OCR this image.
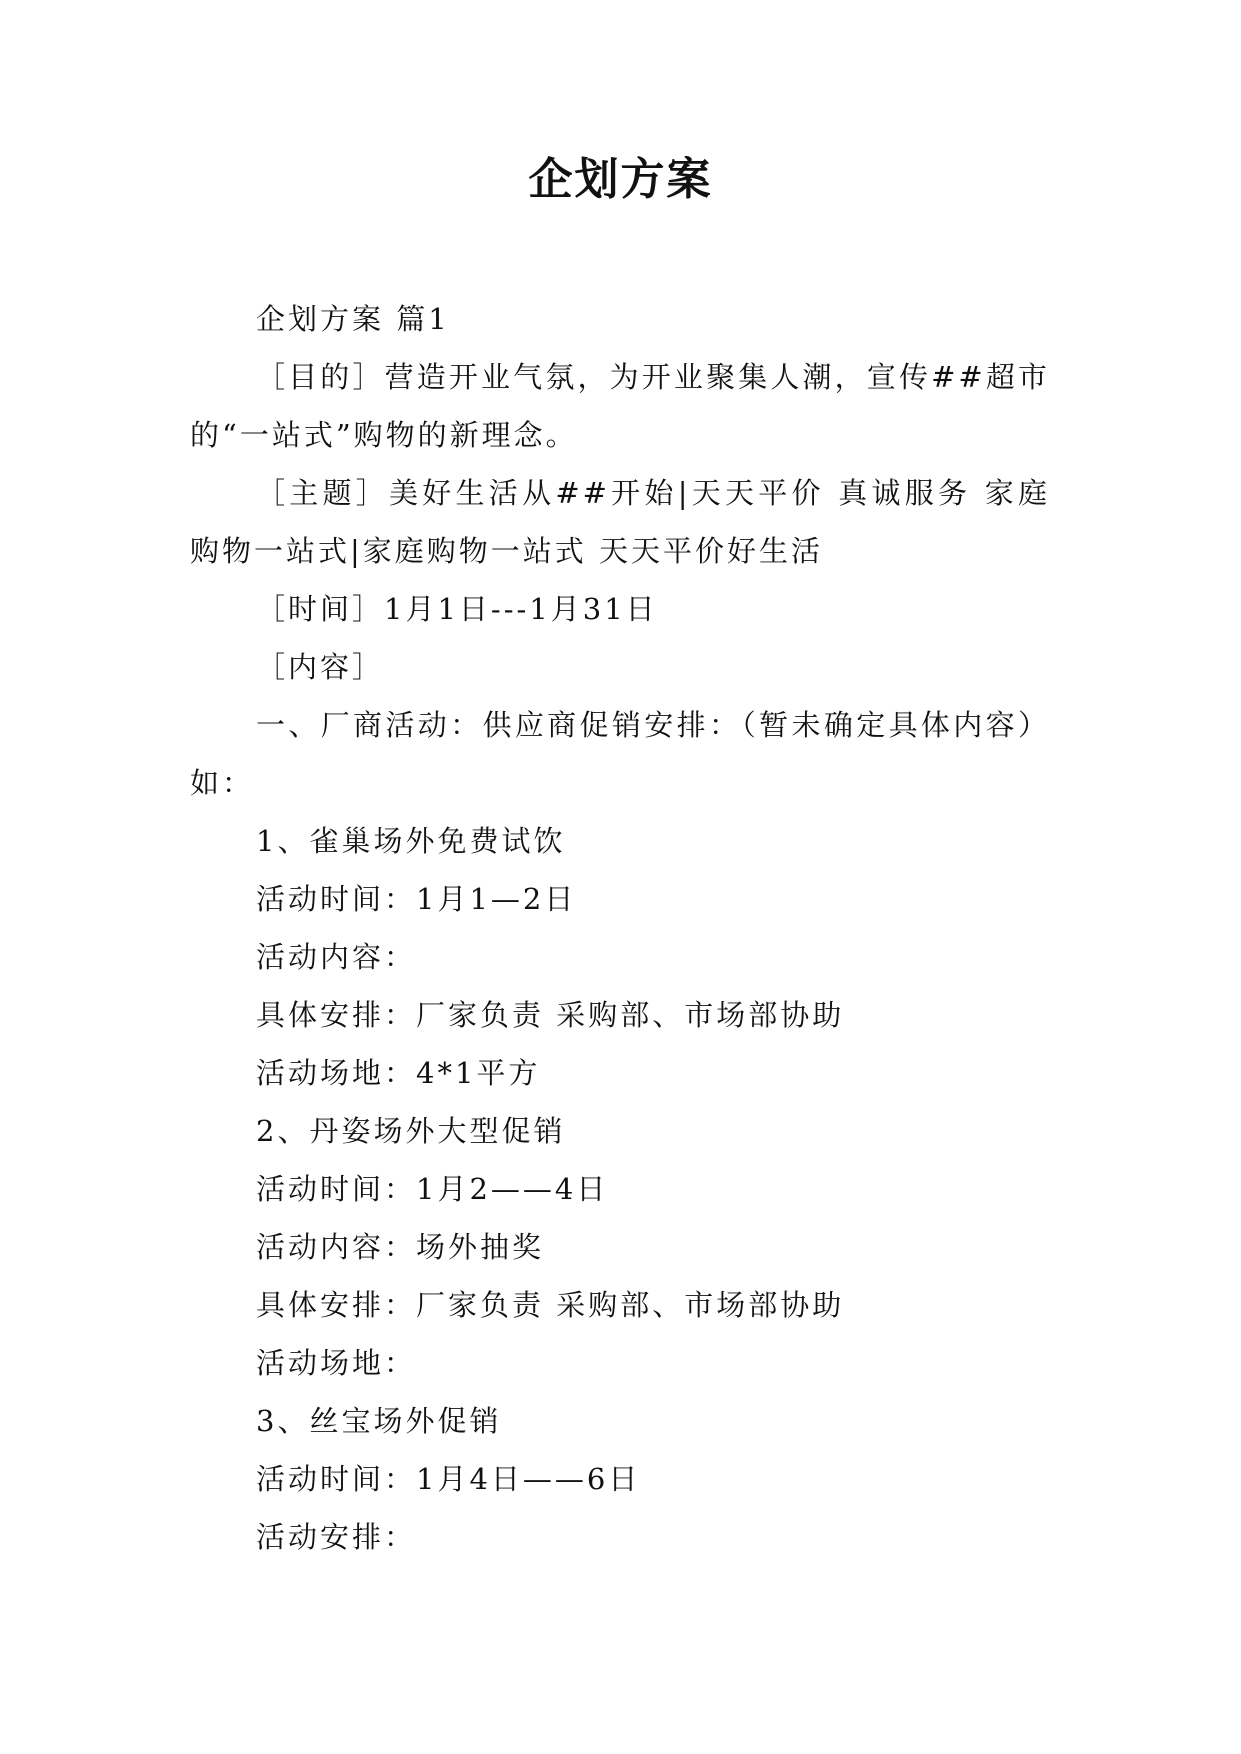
企划方案

企划方案 篇1

［目的］营造开业气氛，为开业聚集人潮，宣传##超市的“一站式”购物的新理念。

［主题］美好生活从##开始|天天平价 真诚服务 家庭购物一站式|家庭购物一站式 天天平价好生活

［时间］1月1日---1月31日

［内容］

一、厂商活动：供应商促销安排：（暂未确定具体内容）如：

1、雀巢场外免费试饮

活动时间：1月1—2日

活动内容：

具体安排：厂家负责 采购部、市场部协助

活动场地：4*1平方

2、丹姿场外大型促销

活动时间：1月2——4日

活动内容：场外抽奖

具体安排：厂家负责 采购部、市场部协助

活动场地：

3、丝宝场外促销

活动时间：1月4日——6日

活动安排：
